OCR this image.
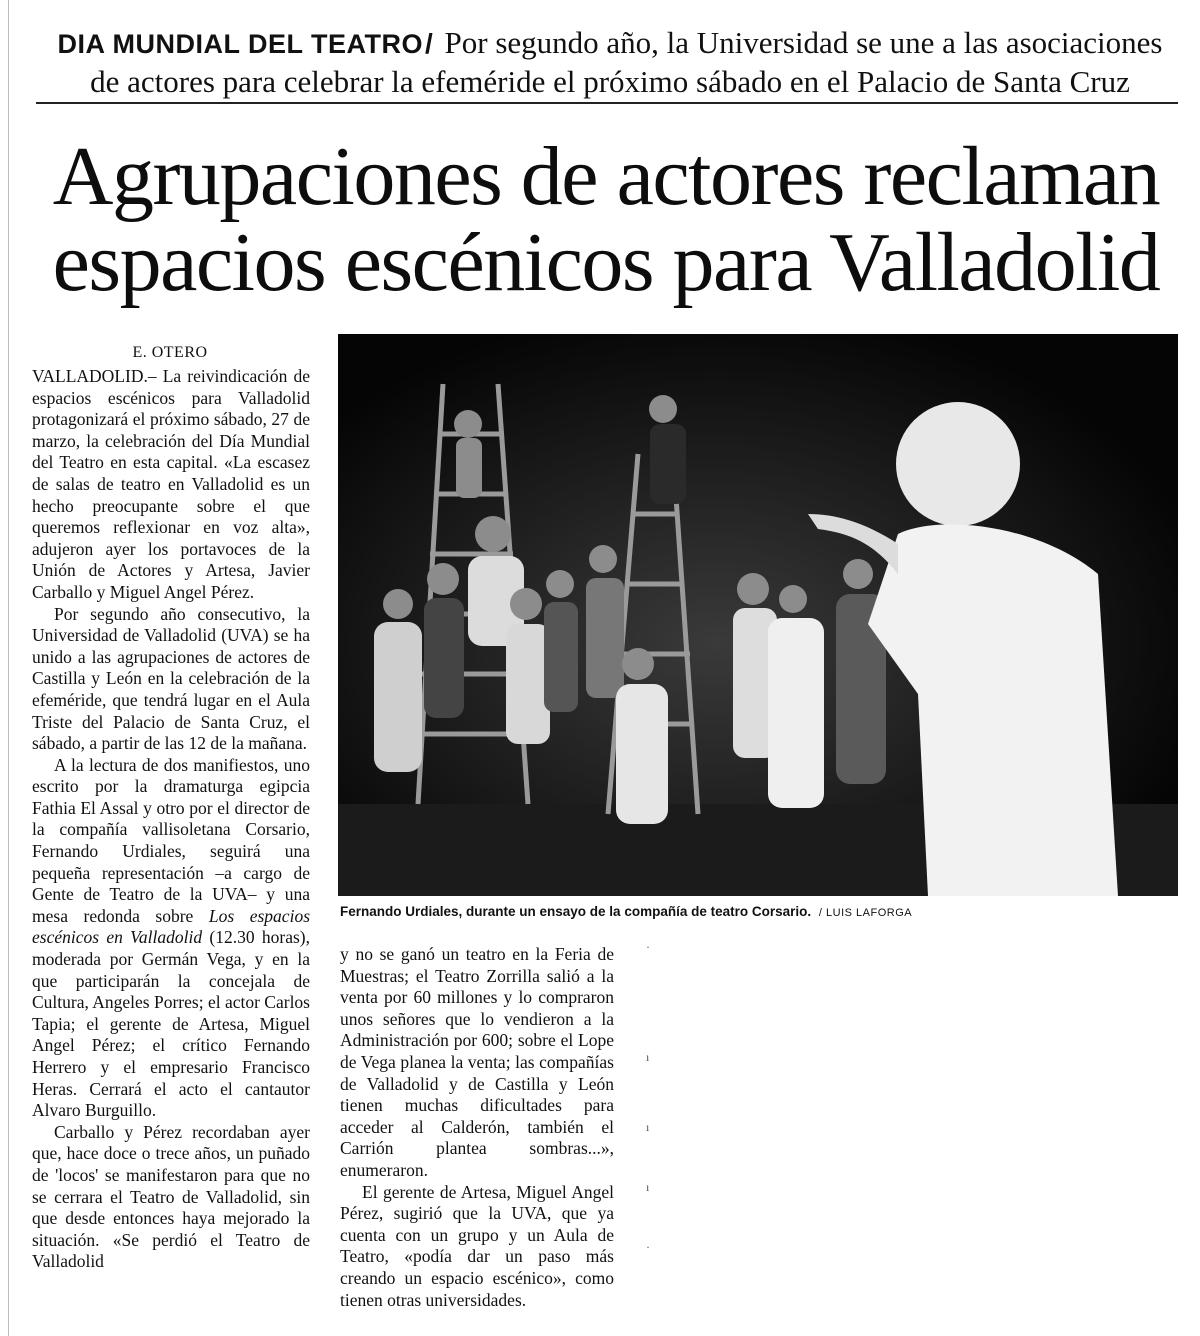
DIA MUNDIAL DEL TEATRO/ Por segundo año, la Universidad se une a las asociaciones de actores para celebrar la efeméride el próximo sábado en el Palacio de Santa Cruz
Agrupaciones de actores reclaman
espacios escénicos para Valladolid
E. OTERO

VALLADOLID.– La reivindicación de espacios escénicos para Valladolid protagonizará el próximo sábado, 27 de marzo, la celebración del Día Mundial del Teatro en esta capital. «La escasez de salas de teatro en Valladolid es un hecho preocupante sobre el que queremos reflexionar en voz alta», adujeron ayer los portavoces de la Unión de Actores y Artesa, Javier Carballo y Miguel Angel Pérez.

Por segundo año consecutivo, la Universidad de Valladolid (UVA) se ha unido a las agrupaciones de actores de Castilla y León en la celebración de la efeméride, que tendrá lugar en el Aula Triste del Palacio de Santa Cruz, el sábado, a partir de las 12 de la mañana.

A la lectura de dos manifiestos, uno escrito por la dramaturga egipcia Fathia El Assal y otro por el director de la compañía vallisoletana Corsario, Fernando Urdiales, seguirá una pequeña representación –a cargo de Gente de Teatro de la UVA– y una mesa redonda sobre Los espacios escénicos en Valladolid (12.30 horas), moderada por Germán Vega, y en la que participarán la concejala de Cultura, Angeles Porres; el actor Carlos Tapia; el gerente de Artesa, Miguel Angel Pérez; el crítico Fernando Herrero y el empresario Francisco Heras. Cerrará el acto el cantautor Alvaro Burguillo.

Carballo y Pérez recordaban ayer que, hace doce o trece años, un puñado de 'locos' se manifestaron para que no se cerrara el Teatro de Valladolid, sin que desde entonces haya mejorado la situación. «Se perdió el Teatro de Valladolid

Fernando Urdiales, durante un ensayo de la compañía de teatro Corsario. / LUIS LAFORGA

y no se ganó un teatro en la Feria de Muestras; el Teatro Zorrilla salió a la venta por 60 millones y lo compraron unos señores que lo vendieron a la Administración por 600; sobre el Lope de Vega planea la venta; las compañías de Valladolid y de Castilla y León tienen muchas dificultades para acceder al Calderón, también el Carrión plantea sombras...», enumeraron.

El gerente de Artesa, Miguel Angel Pérez, sugirió que la UVA, que ya cuenta con un grupo y un Aula de Teatro, «podía dar un paso más creando un espacio escénico», como tienen otras universidades.

·
ı
ı
ı
·
